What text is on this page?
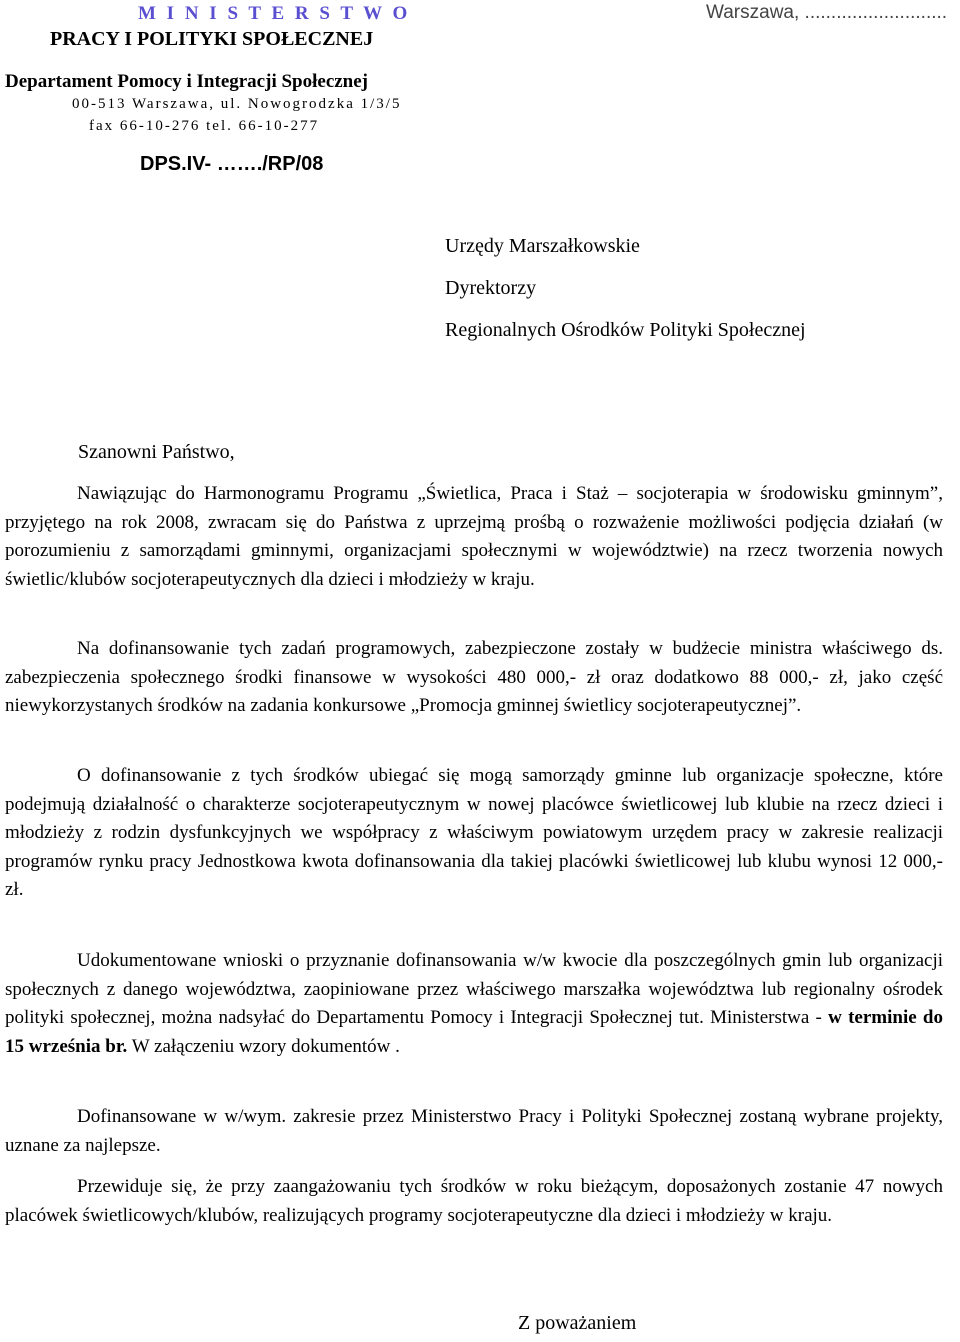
M I N I S T E R S T W O
PRACY I POLITYKI SPOŁECZNEJ
Departament Pomocy i Integracji Społecznej
00-513 Warszawa, ul. Nowogrodzka 1/3/5
fax 66-10-276 tel. 66-10-277
DPS.IV- ……./RP/08
Warszawa, ...........................
Urzędy Marszałkowskie
Dyrektorzy
Regionalnych Ośrodków Polityki Społecznej
Szanowni Państwo,

Nawiązując do Harmonogramu Programu „Świetlica, Praca i Staż – socjoterapia w środowisku gminnym”, przyjętego na rok 2008, zwracam się do Państwa z uprzejmą prośbą o rozważenie możliwości podjęcia działań (w porozumieniu z samorządami gminnymi, organizacjami społecznymi w województwie) na rzecz tworzenia nowych świetlic/klubów socjoterapeutycznych dla dzieci i młodzieży w kraju.

Na dofinansowanie tych zadań programowych, zabezpieczone zostały w budżecie ministra właściwego ds. zabezpieczenia społecznego środki finansowe w wysokości 480 000,- zł oraz dodatkowo 88 000,- zł, jako część niewykorzystanych środków na zadania konkursowe „Promocja gminnej świetlicy socjoterapeutycznej”.

O dofinansowanie z tych środków ubiegać się mogą samorządy gminne lub organizacje społeczne, które podejmują działalność o charakterze socjoterapeutycznym w nowej placówce świetlicowej lub klubie na rzecz dzieci i młodzieży z rodzin dysfunkcyjnych we współpracy z właściwym powiatowym urzędem pracy w zakresie realizacji programów rynku pracy Jednostkowa kwota dofinansowania dla takiej placówki świetlicowej lub klubu wynosi 12 000,- zł.

Udokumentowane wnioski o przyznanie dofinansowania w/w kwocie dla poszczególnych gmin lub organizacji społecznych z danego województwa, zaopiniowane przez właściwego marszałka województwa lub regionalny ośrodek polityki społecznej, można nadsyłać do Departamentu Pomocy i Integracji Społecznej tut. Ministerstwa - w terminie do 15 września br. W załączeniu wzory dokumentów .

Dofinansowane w w/wym. zakresie przez Ministerstwo Pracy i Polityki Społecznej zostaną wybrane projekty, uznane za najlepsze.

Przewiduje się, że przy zaangażowaniu tych środków w roku bieżącym, doposażonych zostanie 47 nowych placówek świetlicowych/klubów, realizujących programy socjoterapeutyczne dla dzieci i młodzieży w kraju.

Z poważaniem
